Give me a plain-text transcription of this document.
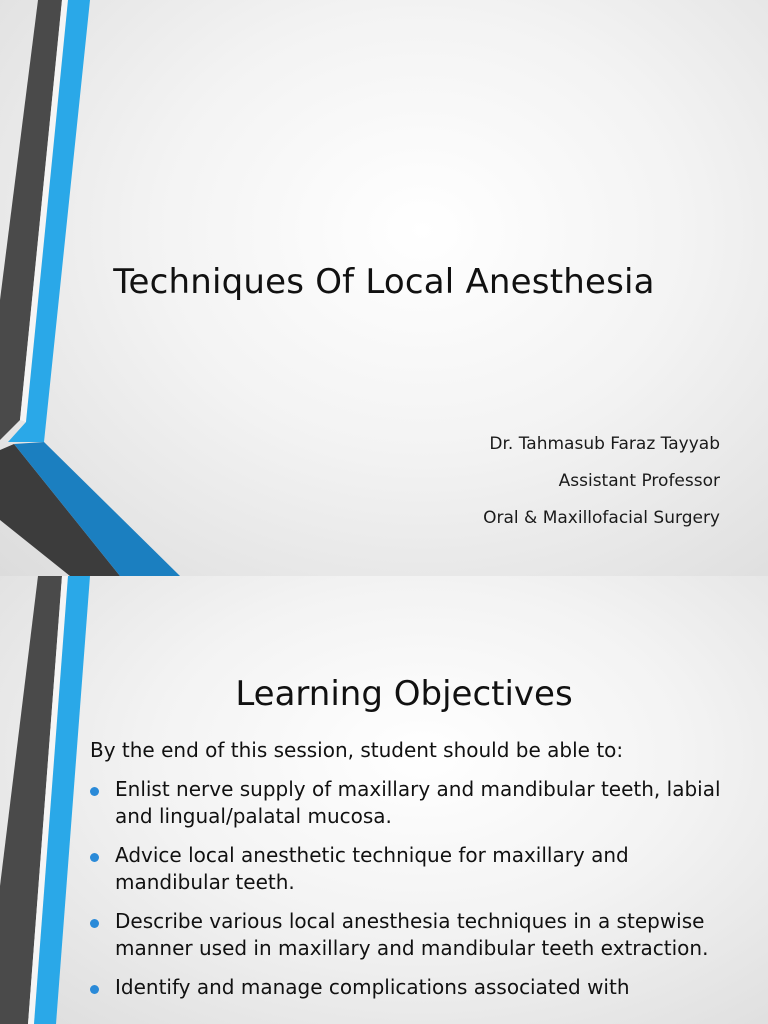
Techniques Of Local Anesthesia
Dr. Tahmasub Faraz Tayyab
Assistant Professor
Oral & Maxillofacial Surgery
Learning Objectives
By the end of this session, student should be able to:
Enlist nerve supply of maxillary and mandibular teeth, labial and lingual/palatal mucosa.
Advice local anesthetic technique for maxillary and mandibular teeth.
Describe various local anesthesia techniques in a stepwise manner used in maxillary and mandibular teeth extraction.
Identify and manage complications associated with
